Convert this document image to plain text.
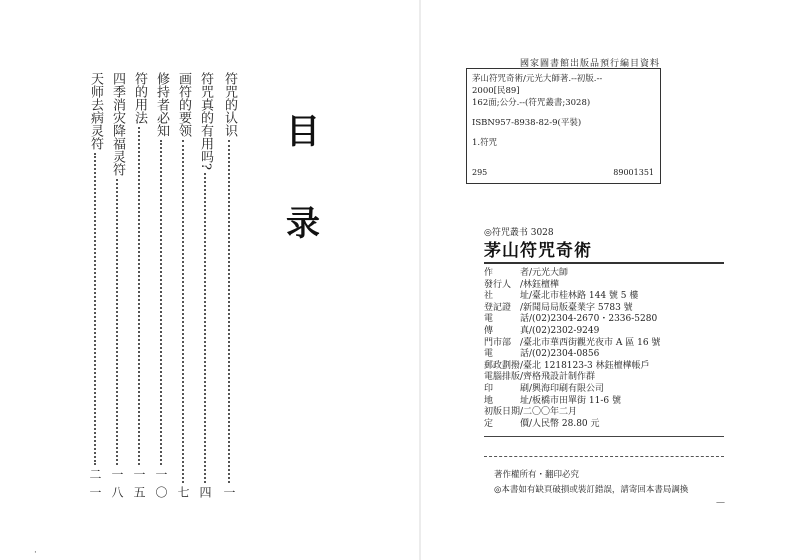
目
录
符咒的认识
一
符咒真的有用吗?
四
画符的要领
七
修持者必知
一〇
符的用法
一五
四季消灾降福灵符
一八
天师去病灵符
二一
·
國家圖書館出版品預行編目資料
茅山符咒奇術/元光大師著.--初版.--
2000[民89]
162面;公分.--(符咒叢書;3028)
ISBN957-8938-82-9(平裝)
1.符咒
295	89001351
◎符咒叢书 3028
茅山符咒奇術
作	者/元光大師
發行人 /林鈺檀樺
社	址/臺北市桂林路 144 號 5 樓
登記證 /新聞局局版臺業字 5783 號
電	話/(02)2304-2670・2336-5280
傳	真/(02)2302-9249
門市部 /臺北市華西街觀光夜市 A 區 16 號
電	話/(02)2304-0856
郵政劃撥 /臺北 1218123-3 林鈺檀樺帳戶
電腦排版 /齊格飛設計制作群
印	刷/興海印刷有限公司
地	址/板橋市田單街 11-6 號
初版日期 /二〇〇年二月
定	價/人民幣 28.80 元
著作權所有・翻印必究
◎本書如有缺頁破損或裝訂錯誤，請寄回本書局調換
—
